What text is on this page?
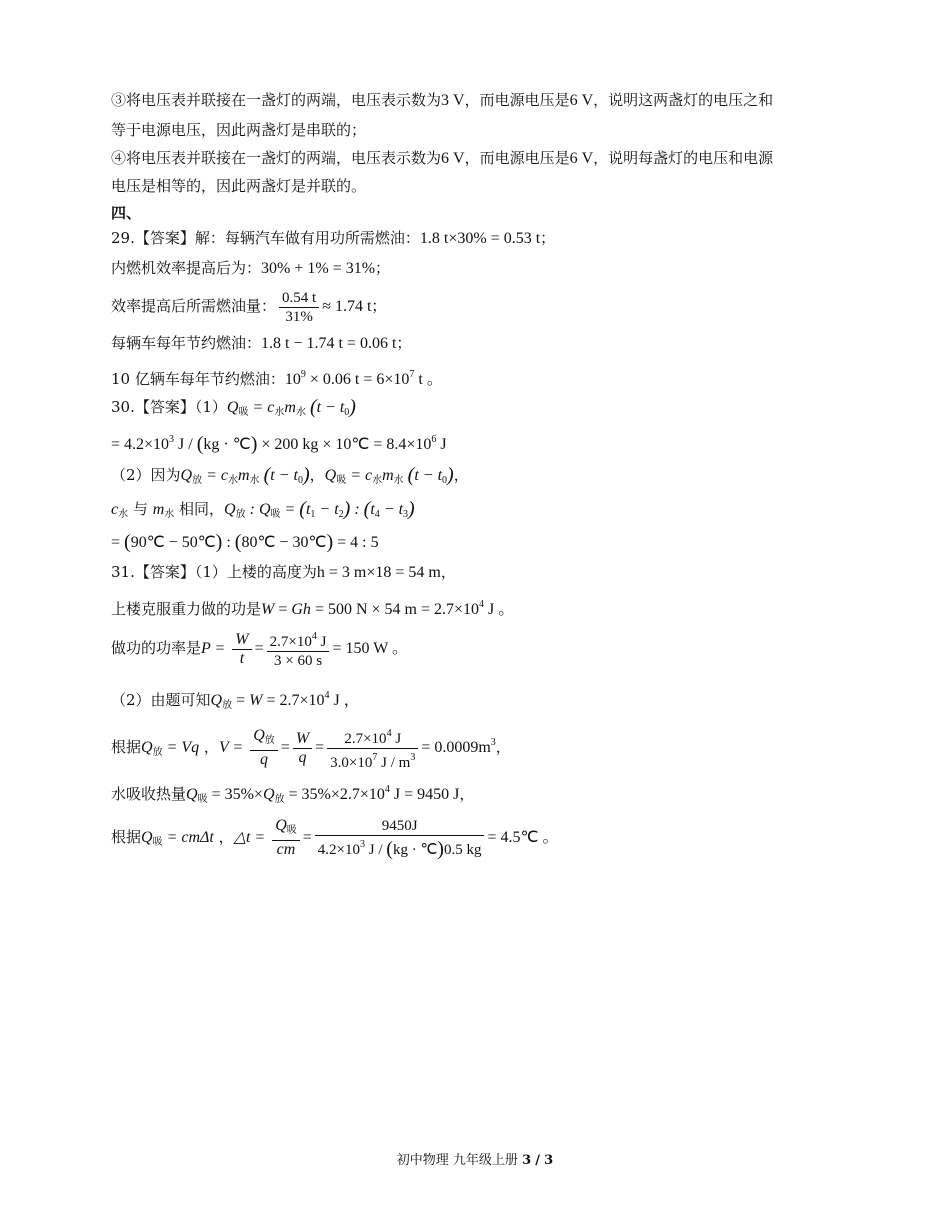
③将电压表并联接在一盏灯的两端，电压表示数为3 V，而电源电压是6 V，说明这两盏灯的电压之和
等于电源电压，因此两盏灯是串联的；
④将电压表并联接在一盏灯的两端，电压表示数为6 V，而电源电压是6 V，说明每盏灯的电压和电源
电压是相等的，因此两盏灯是并联的。
四、
29.【答案】解：每辆汽车做有用功所需燃油：1.8 t×30% = 0.53 t；
内燃机效率提高后为：30% + 1% = 31%；
效率提高后所需燃油量： $\frac{0.54 t}{31\%} \approx 1.74$ t；
每辆车每年节约燃油：1.8 t − 1.74 t = 0.06 t；
10 亿辆车每年节约燃油：$10^9 \times 0.06$ $t = 6\times 10^7$ t 。
30.【答案】$(1)Q_吸 = c_水m_水$ $(t - t_0)$
= $4.2\times 10^3$ J / (kg · ℃) × 200 kg × 10℃ = $8.4\times 10^6$ J
（2）因为$Q_放 = c_水m_水$ $(t - t_0)$，$Q_吸 = c_水m_水$ $(t - t_0)$，
$c_水$ 与 $m_水$ 相同，$Q_放$ : $Q_吸 = (t_1 - t_2)$ : $(t_4 - t_3)$
= (90℃ − 50℃) : (80℃ − 30℃) = 4 : 5
31.【答案】（1）上楼的高度为h = 3 m×18 = 54 m，
上楼克服重力做的功是W = Gh = 500 N × 54 $m = 2.7\times 10^4$ J 。
做功的功率是$P = \frac{W}{t} = \frac{2.7\times 10^4 J}{3 \times 60 s} = 150$ W 。
（2）由题可知$Q_放 = W = 2.7\times 10^4$ J ，
根据$Q_放 = Vq$ ，$V = \frac{Q_放}{q} = \frac{W}{q} = \frac{2.7\times 10^4 J}{3.0\times 10^7 J / m^3} = 0.0009m^3$，
水吸收热量$Q_吸 = 35\%\times Q_放 = 35\%\times 2.7\times 10^4$ J = 9450 J，
根据$Q_吸 = cm\Delta t$ ，△t = $\frac{Q_吸}{cm} = \frac{9450J}{4.2\times 10^3 J / (kg \cdot ℃)0.5 kg}$ = 4.5℃ 。
初中物理 九年级上册 3 / 3
